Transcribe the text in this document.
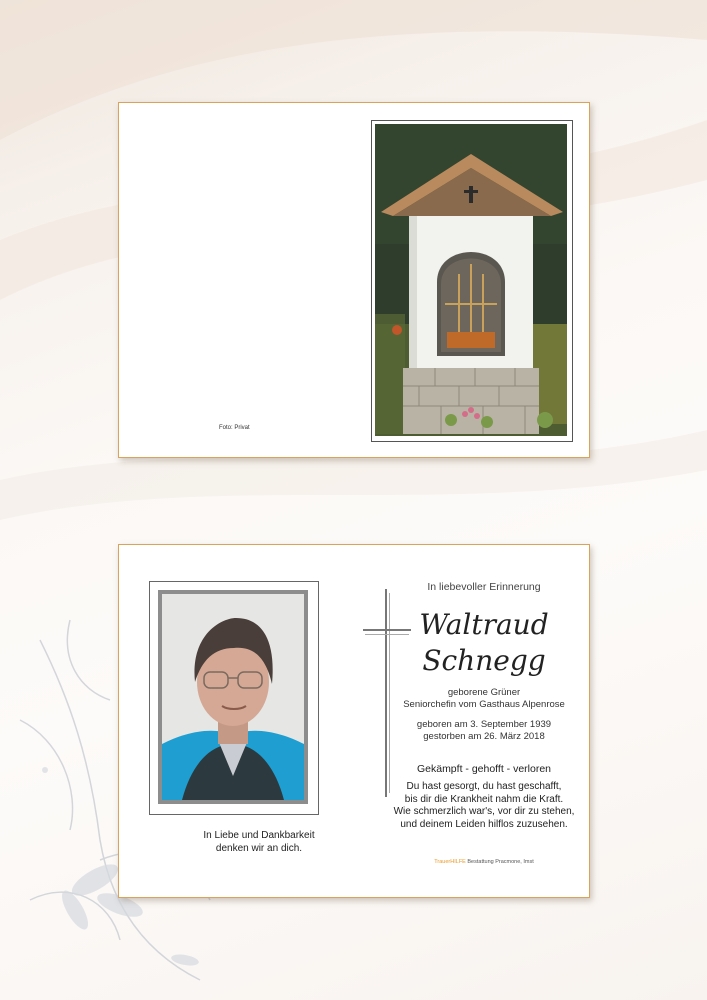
Foto: Privat
In Liebe und Dankbarkeit
denken wir an dich.
In liebevoller Erinnerung
Waltraud
Schnegg
geborene Grüner
Seniorchefin vom Gasthaus Alpenrose
geboren am 3. September 1939
gestorben am 26. März 2018
Gekämpft - gehofft - verloren
Du hast gesorgt, du hast geschafft,
bis dir die Krankheit nahm die Kraft.
Wie schmerzlich war's, vor dir zu stehen,
und deinem Leiden hilflos zuzusehen.
TrauerHILFE Bestattung Pracmone, Imst
